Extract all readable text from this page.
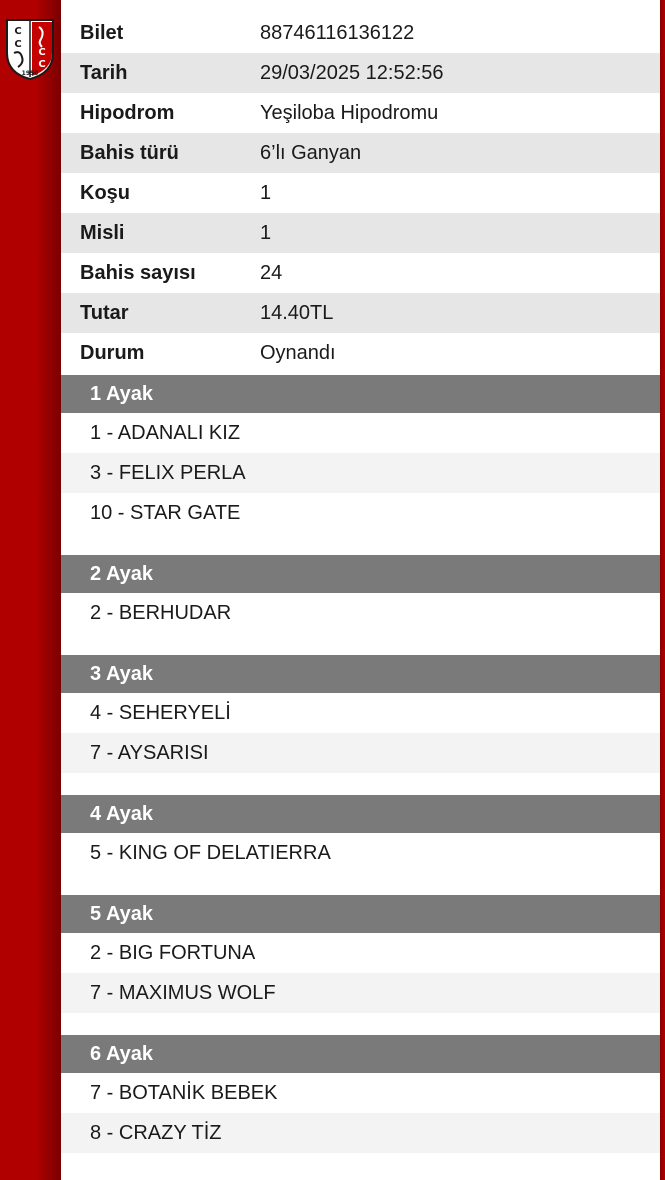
C
C
C
C
1950
Bilet	88746116136122
Tarih	29/03/2025 12:52:56
Hipodrom	Yeşiloba Hipodromu
Bahis türü	6’lı Ganyan
Koşu	1
Misli	1
Bahis sayısı	24
Tutar	14.40TL
Durum	Oynandı
1 Ayak
1 - ADANALI KIZ
3 - FELIX PERLA
10 - STAR GATE
2 Ayak
2 - BERHUDAR
3 Ayak
4 - SEHERYELİ
7 - AYSARISI
4 Ayak
5 - KING OF DELATIERRA
5 Ayak
2 - BIG FORTUNA
7 - MAXIMUS WOLF
6 Ayak
7 - BOTANİK BEBEK
8 - CRAZY TİZ
